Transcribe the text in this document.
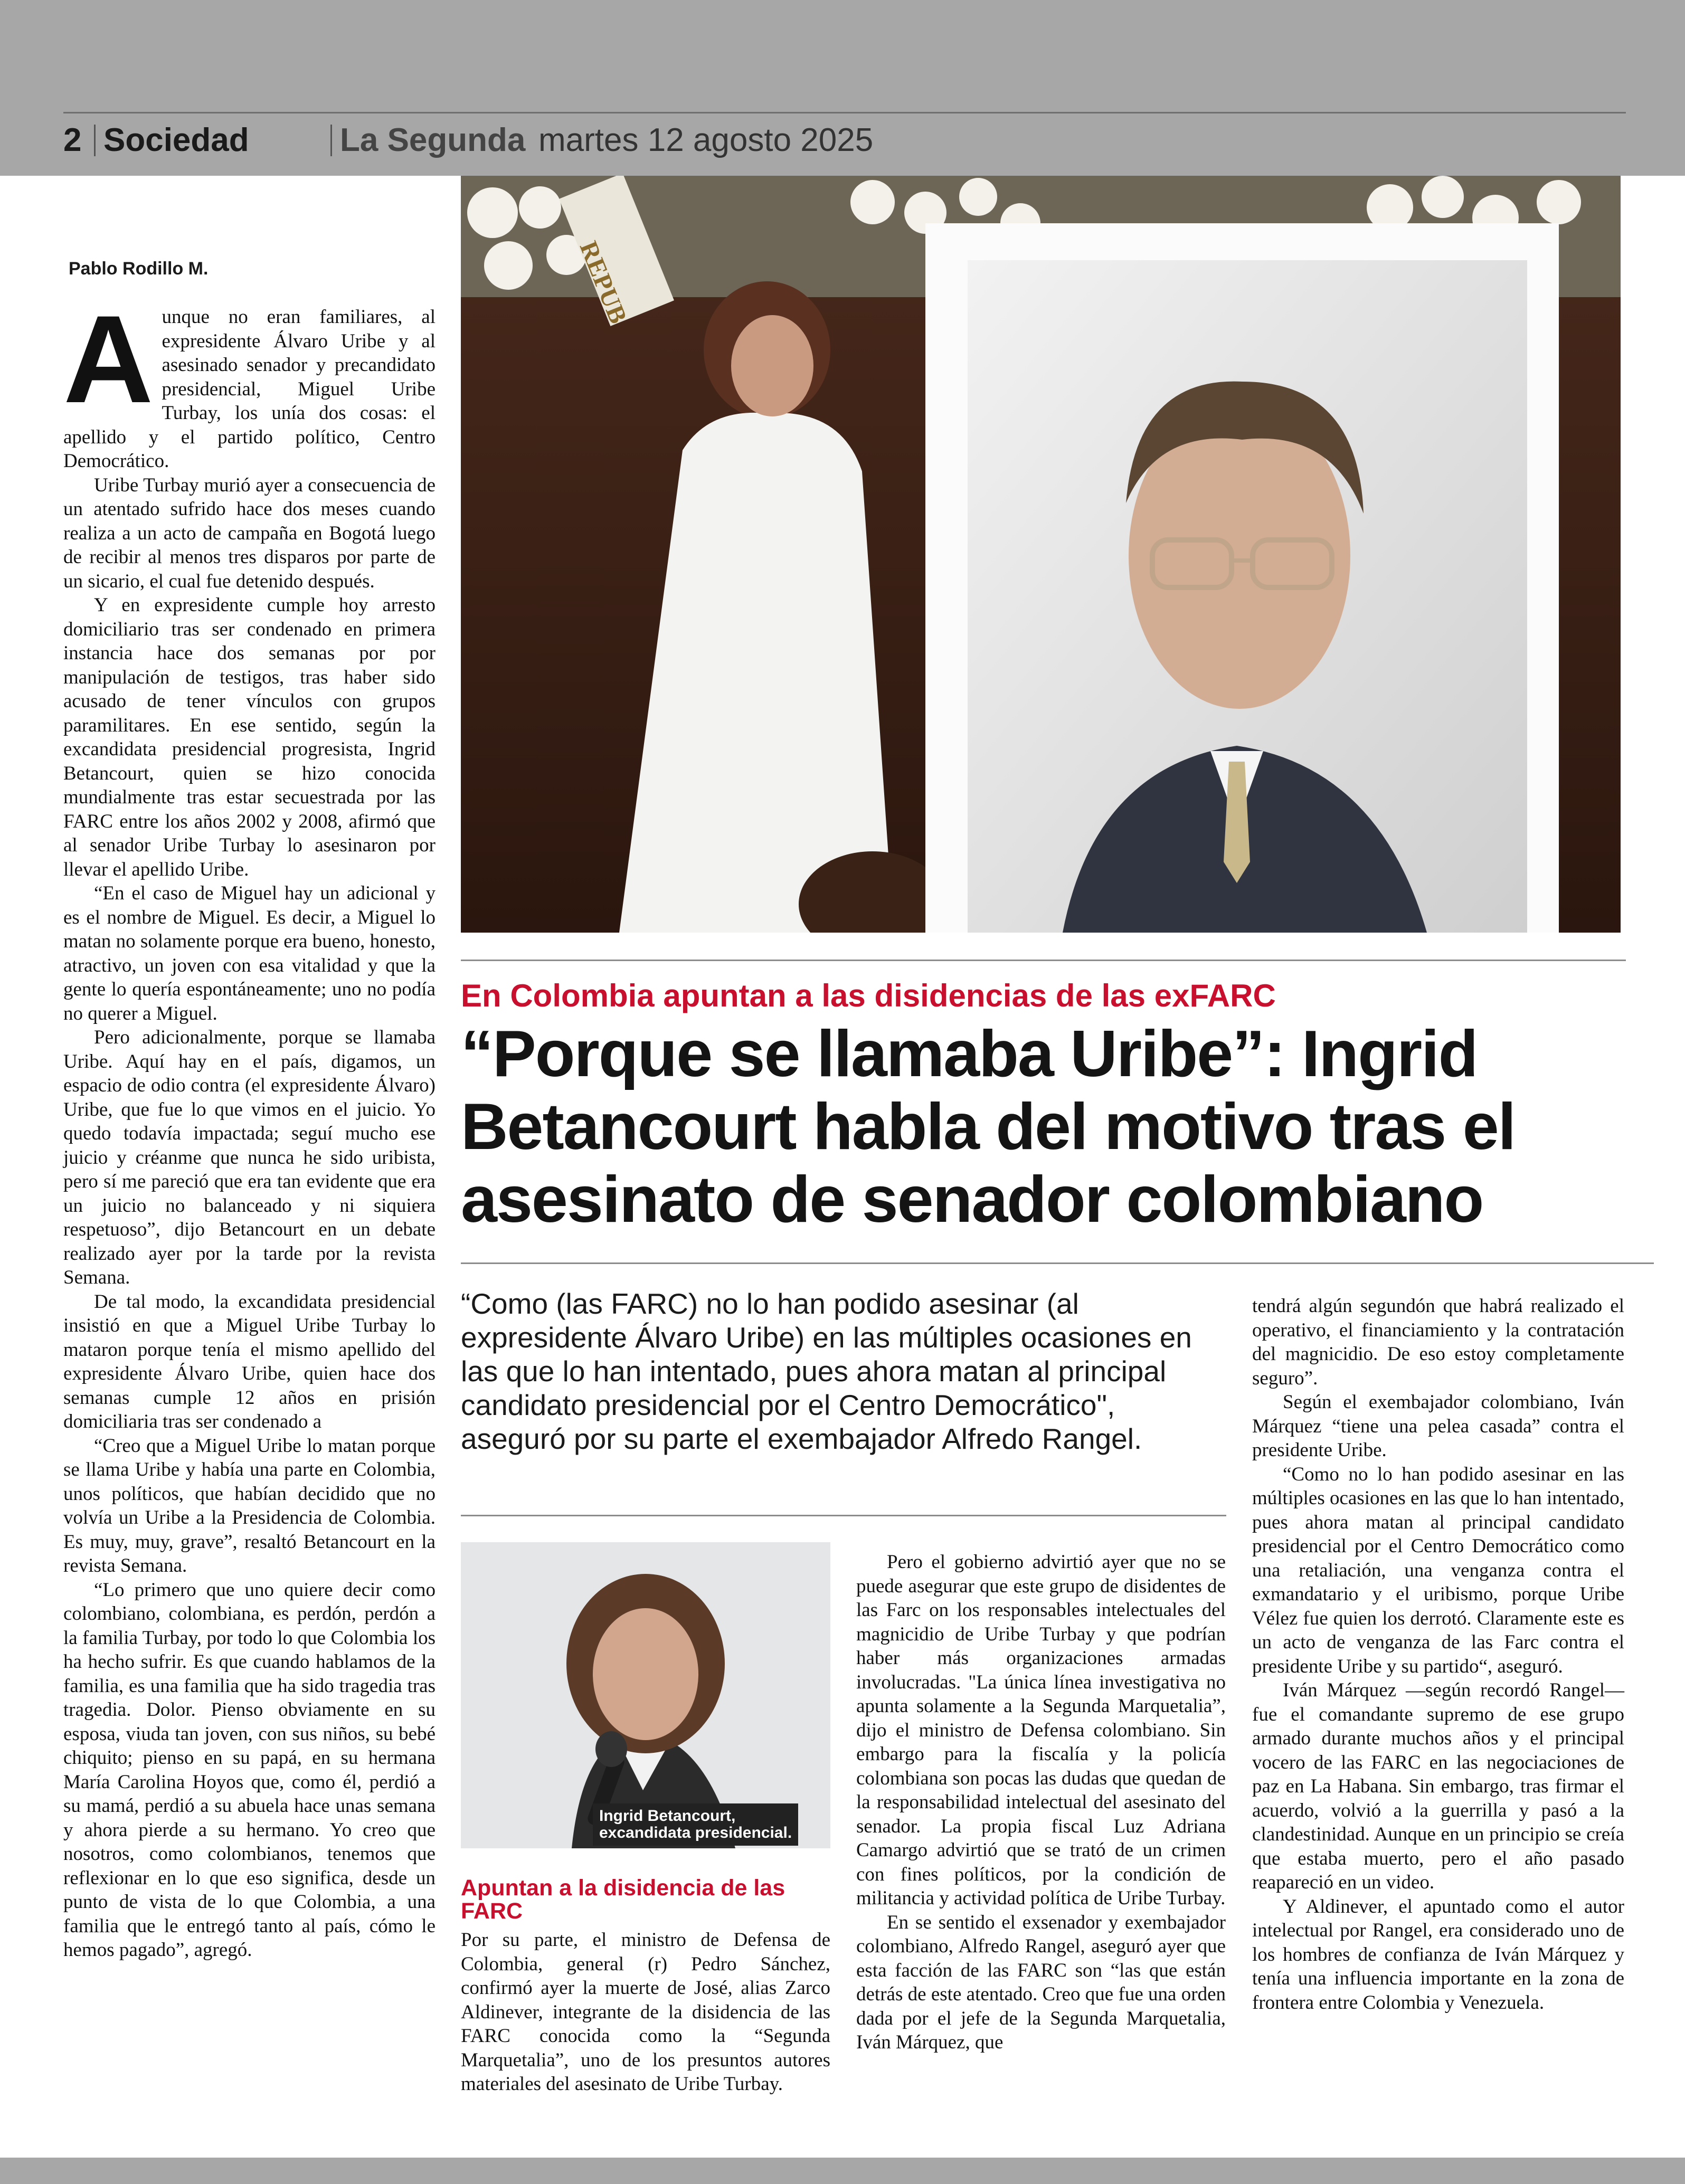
2 Sociedad	La Segunda martes 12 agosto 2025
Pablo Rodillo M.
A unque no eran familiares, al expresidente Álvaro Uribe y al asesinado senador y precandidato presidencial, Miguel Uribe Turbay, los unía dos cosas: el apellido y el partido político, Centro Democrático.

Uribe Turbay murió ayer a consecuencia de un atentado sufrido hace dos meses cuando realiza a un acto de campaña en Bogotá luego de recibir al menos tres disparos por parte de un sicario, el cual fue detenido después.

Y en expresidente cumple hoy arresto domiciliario tras ser condenado en primera instancia hace dos semanas por por manipulación de testigos, tras haber sido acusado de tener vínculos con grupos paramilitares. En ese sentido, según la excandidata presidencial progresista, Ingrid Betancourt, quien se hizo conocida mundialmente tras estar secuestrada por las FARC entre los años 2002 y 2008, afirmó que al senador Uribe Turbay lo asesinaron por llevar el apellido Uribe.

“En el caso de Miguel hay un adicional y es el nombre de Miguel. Es decir, a Miguel lo matan no solamente porque era bueno, honesto, atractivo, un joven con esa vitalidad y que la gente lo quería espontáneamente; uno no podía no querer a Miguel.

Pero adicionalmente, porque se llamaba Uribe. Aquí hay en el país, digamos, un espacio de odio contra (el expresidente Álvaro) Uribe, que fue lo que vimos en el juicio. Yo quedo todavía impactada; seguí mucho ese juicio y créanme que nunca he sido uribista, pero sí me pareció que era tan evidente que era un juicio no balanceado y ni siquiera respetuoso”, dijo Betancourt en un debate realizado ayer por la tarde por la revista Semana.

De tal modo, la excandidata presidencial insistió en que a Miguel Uribe Turbay lo mataron porque tenía el mismo apellido del expresidente Álvaro Uribe, quien hace dos semanas cumple 12 años en prisión domiciliaria tras ser condenado a

“Creo que a Miguel Uribe lo matan porque se llama Uribe y había una parte en Colombia, unos políticos, que habían decidido que no volvía un Uribe a la Presidencia de Colombia. Es muy, muy, grave”, resaltó Betancourt en la revista Semana.

“Lo primero que uno quiere decir como colombiano, colombiana, es perdón, perdón a la familia Turbay, por todo lo que Colombia los ha hecho sufrir. Es que cuando hablamos de la familia, es una familia que ha sido tragedia tras tragedia. Dolor. Pienso obviamente en su esposa, viuda tan joven, con sus niños, su bebé chiquito; pienso en su papá, en su hermana María Carolina Hoyos que, como él, perdió a su mamá, perdió a su abuela hace unas semana y ahora pierde a su hermano. Yo creo que nosotros, como colombianos, tenemos que reflexionar en lo que eso significa, desde un punto de vista de lo que Colombia, a una familia que le entregó tanto al país, cómo le hemos pagado”, agregó.

REPUB
En Colombia apuntan a las disidencias de las exFARC
“Porque se llamaba Uribe”: Ingrid Betancourt habla del motivo tras el asesinato de senador colombiano
“Como (las FARC) no lo han podido asesinar (al expresidente Álvaro Uribe) en las múltiples ocasiones en las que lo han intentado, pues ahora matan al principal candidato presidencial por el Centro Democrático", aseguró por su parte el exembajador Alfredo Rangel.
Ingrid Betancourt,
excandidata presidencial.
Apuntan a la disidencia de las FARC

Por su parte, el ministro de Defensa de Colombia, general (r) Pedro Sánchez, confirmó ayer la muerte de José, alias Zarco Aldinever, integrante de la disidencia de las FARC conocida como la “Segunda Marquetalia”, uno de los presuntos autores materiales del asesinato de Uribe Turbay.

Pero el gobierno advirtió ayer que no se puede asegurar que este grupo de disidentes de las Farc on los responsables intelectuales del magnicidio de Uribe Turbay y que podrían haber más organizaciones armadas involucradas. "La única línea investigativa no apunta solamente a la Segunda Marquetalia”, dijo el ministro de Defensa colombiano. Sin embargo para la fiscalía y la policía colombiana son pocas las dudas que quedan de la responsabilidad intelectual del asesinato del senador. La propia fiscal Luz Adriana Camargo advirtió que se trató de un crimen con fines políticos, por la condición de militancia y actividad política de Uribe Turbay.

En se sentido el exsenador y exembajador colombiano, Alfredo Rangel, aseguró ayer que esta facción de las FARC son “las que están detrás de este atentado. Creo que fue una orden dada por el jefe de la Segunda Marquetalia, Iván Márquez, que

tendrá algún segundón que habrá realizado el operativo, el financiamiento y la contratación del magnicidio. De eso estoy completamente seguro”.

Según el exembajador colombiano, Iván Márquez “tiene una pelea casada” contra el presidente Uribe.

“Como no lo han podido asesinar en las múltiples ocasiones en las que lo han intentado, pues ahora matan al principal candidato presidencial por el Centro Democrático como una retaliación, una venganza contra el exmandatario y el uribismo, porque Uribe Vélez fue quien los derrotó. Claramente este es un acto de venganza de las Farc contra el presidente Uribe y su partido“, aseguró.

Iván Márquez —según recordó Rangel— fue el comandante supremo de ese grupo armado durante muchos años y el principal vocero de las FARC en las negociaciones de paz en La Habana. Sin embargo, tras firmar el acuerdo, volvió a la guerrilla y pasó a la clandestinidad. Aunque en un principio se creía que estaba muerto, pero el año pasado reapareció en un video.

Y Aldinever, el apuntado como el autor intelectual por Rangel, era considerado uno de los hombres de confianza de Iván Márquez y tenía una influencia importante en la zona de frontera entre Colombia y Venezuela.
